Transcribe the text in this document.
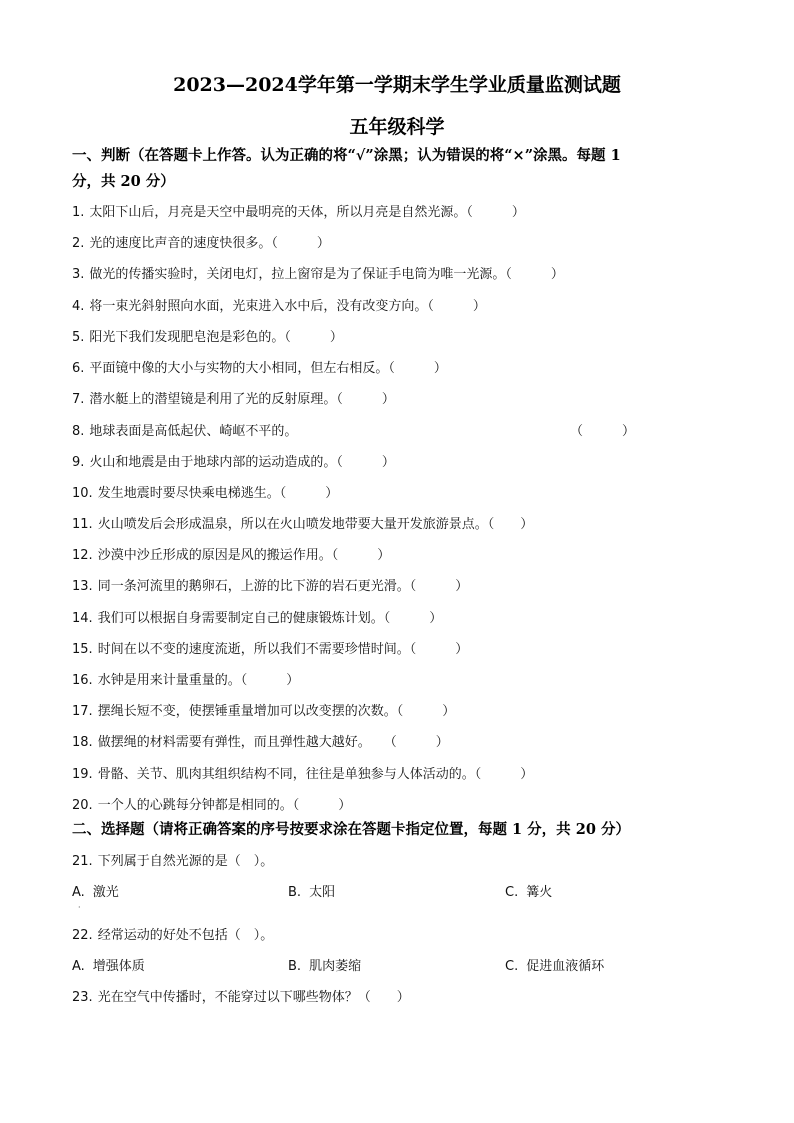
2023—2024学年第一学期末学生学业质量监测试题
五年级科学
一、判断（在答题卡上作答。认为正确的将“√”涂黑；认为错误的将“×”涂黑。每题 1
分，共 20 分）
1. 太阳下山后，月亮是天空中最明亮的天体，所以月亮是自然光源。（　　　）
2. 光的速度比声音的速度快很多。（　　　）
3. 做光的传播实验时，关闭电灯，拉上窗帘是为了保证手电筒为唯一光源。（　　　）
4. 将一束光斜射照向水面，光束进入水中后，没有改变方向。（　　　）
5. 阳光下我们发现肥皂泡是彩色的。（　　　）
6. 平面镜中像的大小与实物的大小相同，但左右相反。（　　　）
7. 潜水艇上的潜望镜是利用了光的反射原理。（　　　）
8. 地球表面是高低起伏、崎岖不平的。	（　　　）
9. 火山和地震是由于地球内部的运动造成的。（　　　）
10. 发生地震时要尽快乘电梯逃生。（　　　）
11. 火山喷发后会形成温泉，所以在火山喷发地带要大量开发旅游景点。（　　）
12. 沙漠中沙丘形成的原因是风的搬运作用。（　　　）
13. 同一条河流里的鹅卵石，上游的比下游的岩石更光滑。（　　　）
14. 我们可以根据自身需要制定自己的健康锻炼计划。（　　　）
15. 时间在以不变的速度流逝，所以我们不需要珍惜时间。（　　　）
16. 水钟是用来计量重量的。（　　　）
17. 摆绳长短不变，使摆锤重量增加可以改变摆的次数。（　　　）
18. 做摆绳的材料需要有弹性，而且弹性越大越好。　　（　　　）
19. 骨骼、关节、肌肉其组织结构不同，往往是单独参与人体活动的。（　　　）
20. 一个人的心跳每分钟都是相同的。（　　　）
二、选择题（请将正确答案的序号按要求涂在答题卡指定位置，每题 1 分，共 20 分）
21. 下列属于自然光源的是（　）。
A. 激光	B. 太阳	C. 篝火
·
22. 经常运动的好处不包括（　）。
A. 增强体质	B. 肌肉萎缩	C. 促进血液循环
23. 光在空气中传播时，不能穿过以下哪些物体？（　　）
